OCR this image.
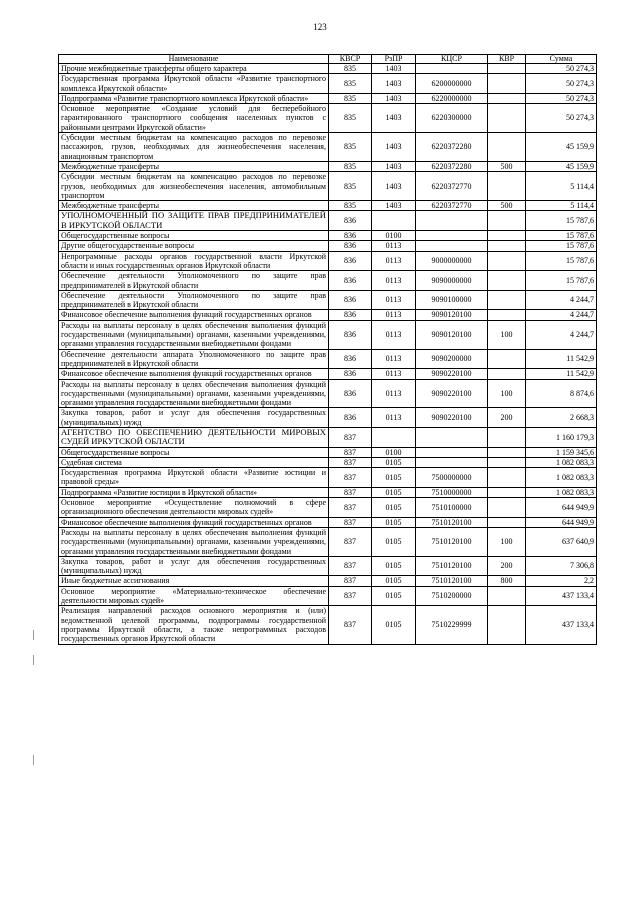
123
Наименование	КВСР	РзПР	КЦСР	КВР	Сумма
Прочие межбюджетные трансферты общего характера	835	1403			50 274,3
Государственная программа Иркутской области «Развитие транспортного комплекса Иркутской области»	835	1403	6200000000		50 274,3
Подпрограмма «Развитие транспортного комплекса Иркутской области»	835	1403	6220000000		50 274,3
Основное мероприятие «Создание условий для бесперебойного гарантированного транспортного сообщения населенных пунктов с районными центрами Иркутской области»	835	1403	6220300000		50 274,3
Субсидии местным бюджетам на компенсацию расходов по перевозке пассажиров, грузов, необходимых для жизнеобеспечения населения, авиационным транспортом	835	1403	6220372280		45 159,9
Межбюджетные трансферты	835	1403	6220372280	500	45 159,9
Субсидии местным бюджетам на компенсацию расходов по перевозке грузов, необходимых для жизнеобеспечения населения, автомобильным транспортом	835	1403	6220372770		5 114,4
Межбюджетные трансферты	835	1403	6220372770	500	5 114,4
УПОЛНОМОЧЕННЫЙ ПО ЗАЩИТЕ ПРАВ ПРЕДПРИНИМАТЕЛЕЙ В ИРКУТСКОЙ ОБЛАСТИ	836				15 787,6
Общегосударственные вопросы	836	0100			15 787,6
Другие общегосударственные вопросы	836	0113			15 787,6
Непрограммные расходы органов государственной власти Иркутской области и иных государственных органов Иркутской области	836	0113	9000000000		15 787,6
Обеспечение деятельности Уполномоченного по защите прав предпринимателей в Иркутской области	836	0113	9090000000		15 787,6
Обеспечение деятельности Уполномоченного по защите прав предпринимателей в Иркутской области	836	0113	9090100000		4 244,7
Финансовое обеспечение выполнения функций государственных органов	836	0113	9090120100		4 244,7
Расходы на выплаты персоналу в целях обеспечения выполнения функций государственными (муниципальными) органами, казенными учреждениями, органами управления государственными внебюджетными фондами	836	0113	9090120100	100	4 244,7
Обеспечение деятельности аппарата Уполномоченного по защите прав предпринимателей в Иркутской области	836	0113	9090200000		11 542,9
Финансовое обеспечение выполнения функций государственных органов	836	0113	9090220100		11 542,9
Расходы на выплаты персоналу в целях обеспечения выполнения функций государственными (муниципальными) органами, казенными учреждениями, органами управления государственными внебюджетными фондами	836	0113	9090220100	100	8 874,6
Закупка товаров, работ и услуг для обеспечения государственных (муниципальных) нужд	836	0113	9090220100	200	2 668,3
АГЕНТСТВО ПО ОБЕСПЕЧЕНИЮ ДЕЯТЕЛЬНОСТИ МИРОВЫХ СУДЕЙ ИРКУТСКОЙ ОБЛАСТИ	837				1 160 179,3
Общегосударственные вопросы	837	0100			1 159 345,6
Судебная система	837	0105			1 082 083,3
Государственная программа Иркутской области «Развитие юстиции и правовой среды»	837	0105	7500000000		1 082 083,3
Подпрограмма «Развитие юстиции в Иркутской области»	837	0105	7510000000		1 082 083,3
Основное мероприятие «Осуществление полномочий в сфере организационного обеспечения деятельности мировых судей»	837	0105	7510100000		644 949,9
Финансовое обеспечение выполнения функций государственных органов	837	0105	7510120100		644 949,9
Расходы на выплаты персоналу в целях обеспечения выполнения функций государственными (муниципальными) органами, казенными учреждениями, органами управления государственными внебюджетными фондами	837	0105	7510120100	100	637 640,9
Закупка товаров, работ и услуг для обеспечения государственных (муниципальных) нужд	837	0105	7510120100	200	7 306,8
Иные бюджетные ассигнования	837	0105	7510120100	800	2,2
Основное мероприятие «Материально-техническое обеспечение деятельности мировых судей»	837	0105	7510200000		437 133,4
Реализация направлений расходов основного мероприятия и (или) ведомственной целевой программы, подпрограммы государственной программы Иркутской области, а также непрограммных расходов государственных органов Иркутской области	837	0105	7510229999		437 133,4
